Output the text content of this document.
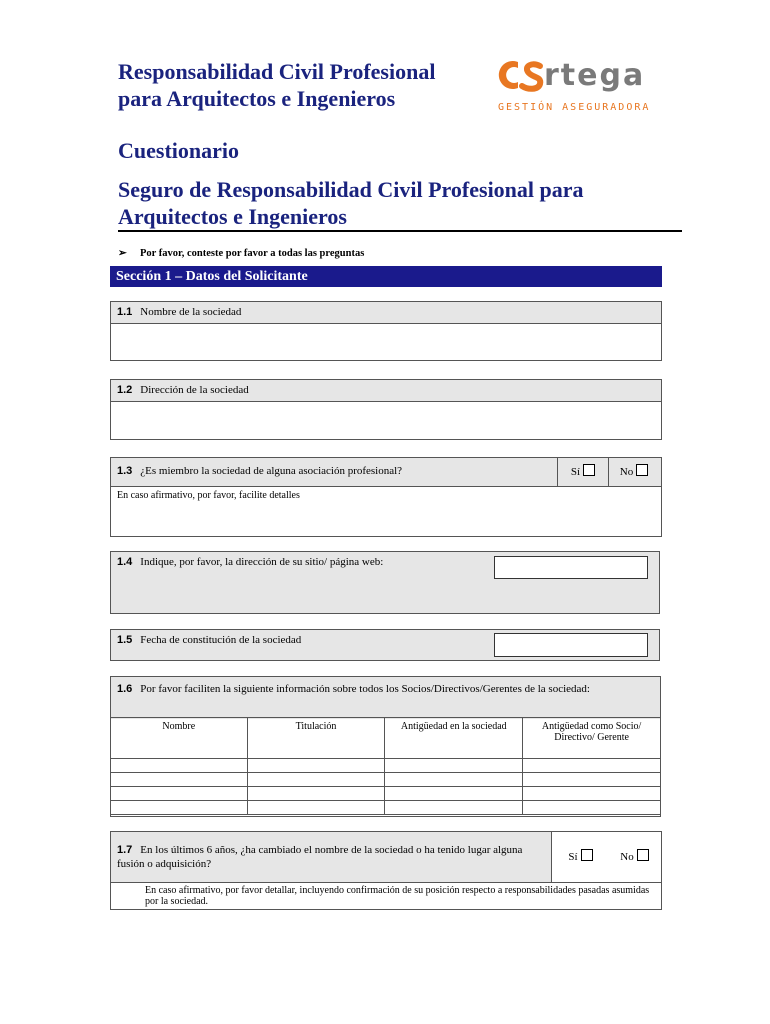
Responsabilidad Civil Profesional para Arquitectos e Ingenieros
rtega
GESTIÓN ASEGURADORA
Cuestionario
Seguro de Responsabilidad Civil Profesional para Arquitectos e Ingenieros
➢ Por favor, conteste por favor a todas las preguntas
Sección 1 – Datos del Solicitante
1.1 Nombre de la sociedad
1.2 Dirección de la sociedad
1.3 ¿Es miembro la sociedad de alguna asociación profesional?	Sí	No
En caso afirmativo, por favor, facilite detalles
1.4 Indique, por favor, la dirección de su sitio/ página web:
1.5 Fecha de constitución de la sociedad
1.6 Por favor faciliten la siguiente información sobre todos los Socios/Directivos/Gerentes de la sociedad:
Nombre	Titulación	Antigüedad en la sociedad	Antigüedad como Socio/ Directivo/ Gerente

1.7 En los últimos 6 años, ¿ha cambiado el nombre de la sociedad o ha tenido lugar alguna fusión o adquisición?
Sí	No
En caso afirmativo, por favor detallar, incluyendo confirmación de su posición respecto a responsabilidades pasadas asumidas por la sociedad.
